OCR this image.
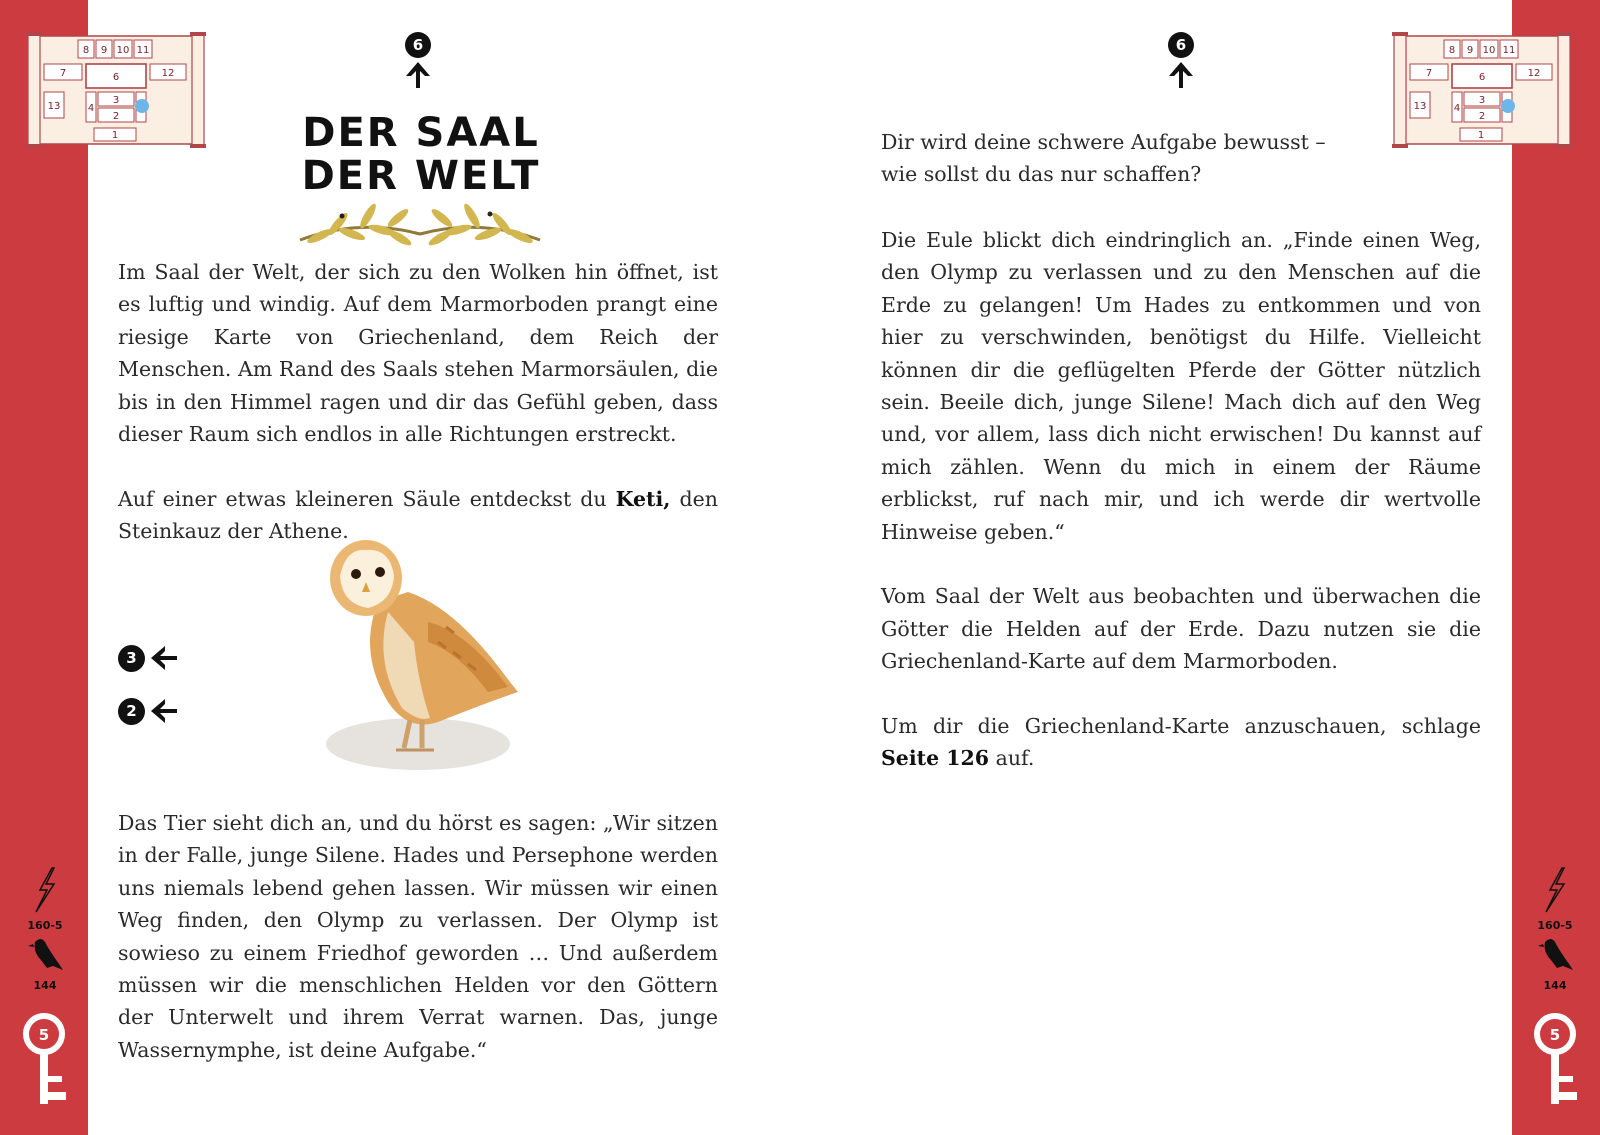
8 9 10 11
7	6	12
13	4
3
2
1
8 9 10 11
7	6	12
13	4
3
2
1
6	6
DER SAAL
DER WELT

Im Saal der Welt, der sich zu den Wolken hin öffnet, ist es luftig und windig. Auf dem Marmorboden prangt eine riesige Karte von Griechenland, dem Reich der Menschen. Am Rand des Saals stehen Marmorsäulen, die bis in den Himmel ragen und dir das Gefühl geben, dass dieser Raum sich endlos in alle Richtungen erstreckt.

Auf einer etwas kleineren Säule entdeckst du Keti, den Steinkauz der Athene.

3
2

Das Tier sieht dich an, und du hörst es sagen: „Wir sitzen in der Falle, junge Silene. Hades und Persephone werden uns niemals lebend gehen lassen. Wir müssen wir einen Weg finden, den Olymp zu verlassen. Der Olymp ist sowieso zu einem Friedhof geworden … Und außerdem müssen wir die menschlichen Helden vor den Göttern der Unterwelt und ihrem Verrat warnen. Das, junge Wassernymphe, ist deine Aufgabe.“

Dir wird deine schwere Aufgabe bewusst – wie sollst du das nur schaffen?

Die Eule blickt dich eindringlich an. „Finde einen Weg, den Olymp zu verlassen und zu den Menschen auf die Erde zu gelangen! Um Hades zu entkommen und von hier zu verschwinden, benötigst du Hilfe. Vielleicht können dir die geflügelten Pferde der Götter nützlich sein. Beeile dich, junge Silene! Mach dich auf den Weg und, vor allem, lass dich nicht erwischen! Du kannst auf mich zählen. Wenn du mich in einem der Räume erblickst, ruf nach mir, und ich werde dir wertvolle Hinweise geben.“

Vom Saal der Welt aus beobachten und überwachen die Götter die Helden auf der Erde. Dazu nutzen sie die Griechenland-Karte auf dem Marmorboden.

Um dir die Griechenland-Karte anzuschauen, schlage Seite 126 auf.

160-5
144
5
160-5
144
5
